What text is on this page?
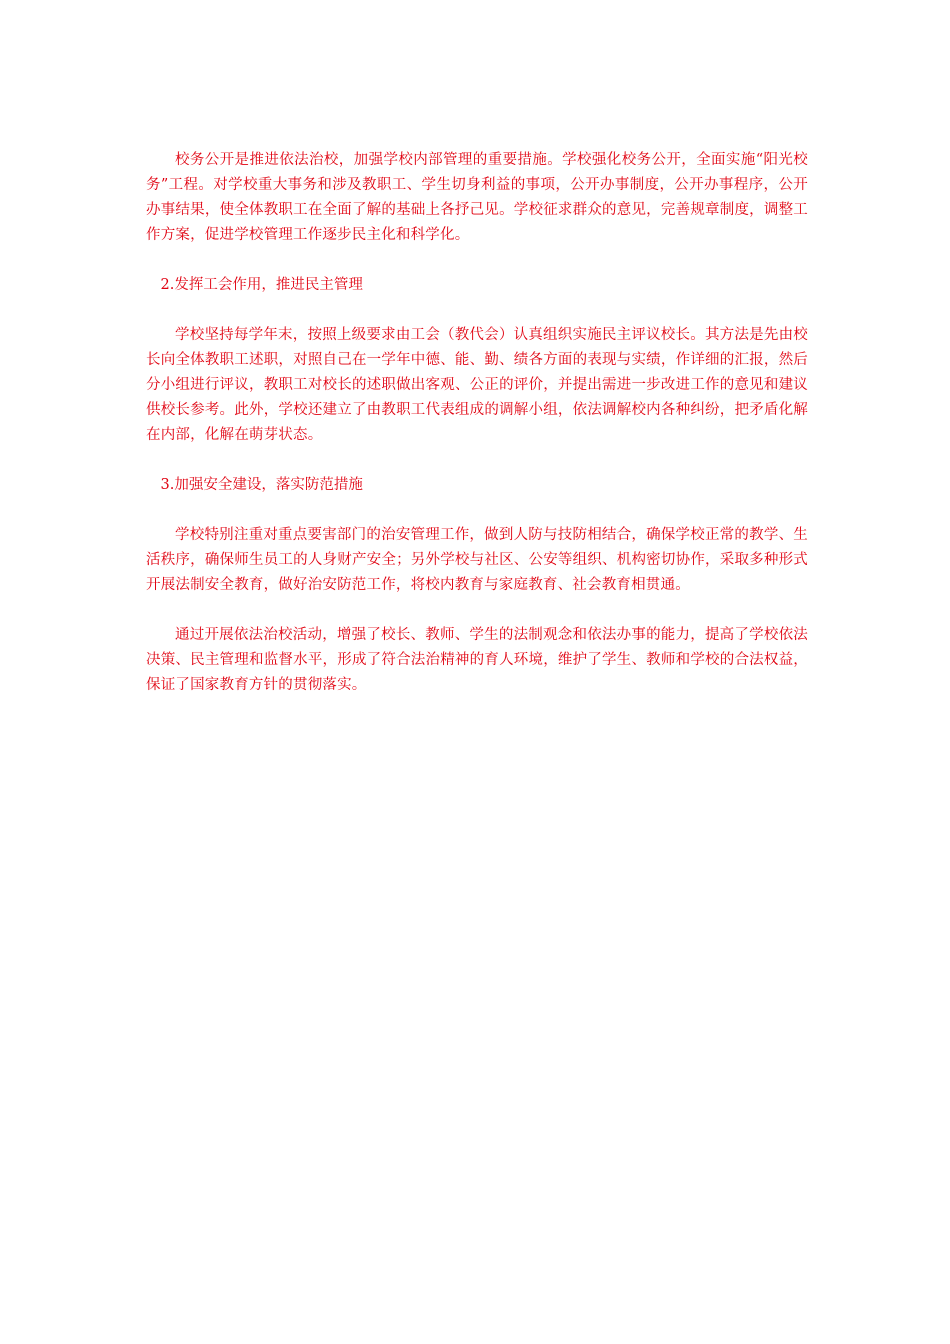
校务公开是推进依法治校，加强学校内部管理的重要措施。学校强化校务公开，全面实施“阳光校务”工程。对学校重大事务和涉及教职工、学生切身利益的事项，公开办事制度，公开办事程序，公开办事结果，使全体教职工在全面了解的基础上各抒己见。学校征求群众的意见，完善规章制度，调整工作方案，促进学校管理工作逐步民主化和科学化。

2.发挥工会作用，推进民主管理

学校坚持每学年末，按照上级要求由工会（教代会）认真组织实施民主评议校长。其方法是先由校长向全体教职工述职，对照自己在一学年中德、能、勤、绩各方面的表现与实绩，作详细的汇报，然后分小组进行评议，教职工对校长的述职做出客观、公正的评价，并提出需进一步改进工作的意见和建议供校长参考。此外，学校还建立了由教职工代表组成的调解小组，依法调解校内各种纠纷，把矛盾化解在内部，化解在萌芽状态。

3.加强安全建设，落实防范措施

学校特别注重对重点要害部门的治安管理工作，做到人防与技防相结合，确保学校正常的教学、生活秩序，确保师生员工的人身财产安全；另外学校与社区、公安等组织、机构密切协作，采取多种形式开展法制安全教育，做好治安防范工作，将校内教育与家庭教育、社会教育相贯通。

通过开展依法治校活动，增强了校长、教师、学生的法制观念和依法办事的能力，提高了学校依法决策、民主管理和监督水平，形成了符合法治精神的育人环境，维护了学生、教师和学校的合法权益，保证了国家教育方针的贯彻落实。
